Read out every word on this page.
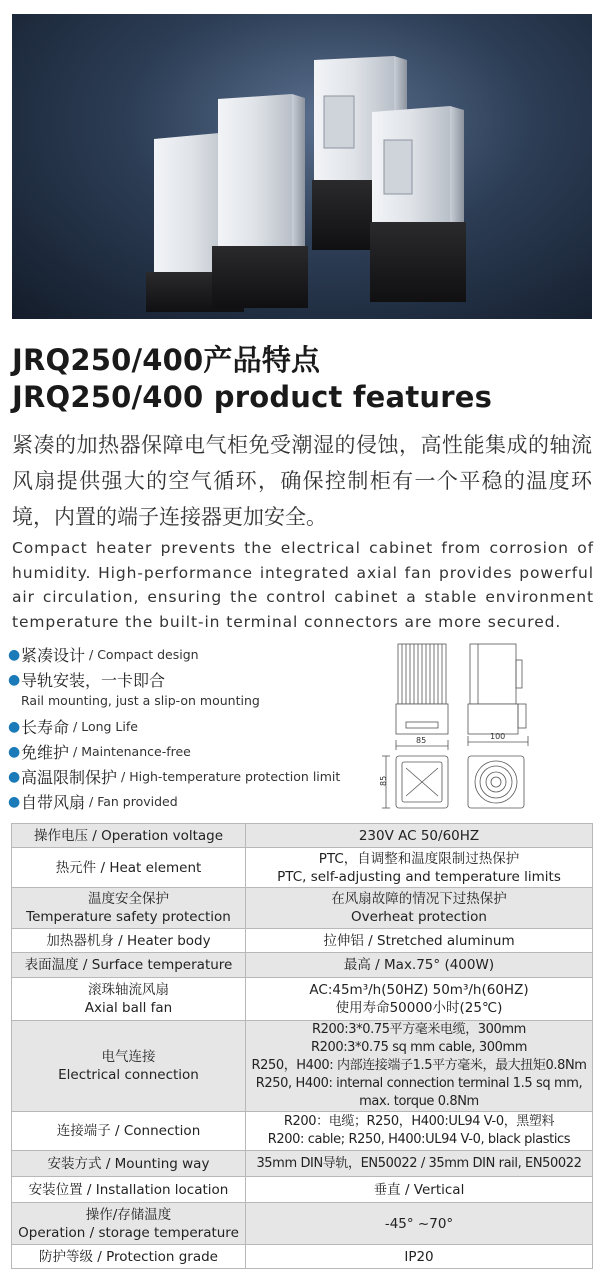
JRQ250/400产品特点
JRQ250/400 product features
紧凑的加热器保障电气柜免受潮湿的侵蚀，高性能集成的轴流风扇提供强大的空气循环，确保控制柜有一个平稳的温度环境，内置的端子连接器更加安全。
Compact heater prevents the electrical cabinet from corrosion of humidity. High-performance integrated axial fan provides powerful air circulation, ensuring the control cabinet a stable environment temperature the built-in terminal connectors are more secured.
● 紧凑设计 / Compact design
● 导轨安装，一卡即合
Rail mounting, just a slip-on mounting
● 长寿命 / Long Life
● 免维护 / Maintenance-free
● 高温限制保护 / High-temperature protection limit
● 自带风扇 / Fan provided
85	100
85
操作电压 / Operation voltage	230V AC 50/60HZ
热元件 / Heat element	PTC，自调整和温度限制过热保护
PTC, self-adjusting and temperature limits
温度安全保护
Temperature safety protection	在风扇故障的情况下过热保护
Overheat protection
加热器机身 / Heater body	拉伸铝 / Stretched aluminum
表面温度 / Surface temperature	最高 / Max.75° (400W)
滚珠轴流风扇
Axial ball fan	AC:45m³/h(50HZ) 50m³/h(60HZ)
使用寿命50000小时(25℃)
电气连接
Electrical connection	R200:3*0.75平方毫米电缆，300mm
R200:3*0.75 sq mm cable, 300mm
R250，H400: 内部连接端子1.5平方毫米，最大扭矩0.8Nm
R250, H400: internal connection terminal 1.5 sq mm,
max. torque 0.8Nm
连接端子 / Connection	R200：电缆；R250，H400:UL94 V-0，黑塑料
R200: cable; R250, H400:UL94 V-0, black plastics
安装方式 / Mounting way	35mm DIN导轨，EN50022 / 35mm DIN rail, EN50022
安装位置 / Installation location	垂直 / Vertical
操作/存储温度
Operation / storage temperature	-45° ~70°
防护等级 / Protection grade	IP20
